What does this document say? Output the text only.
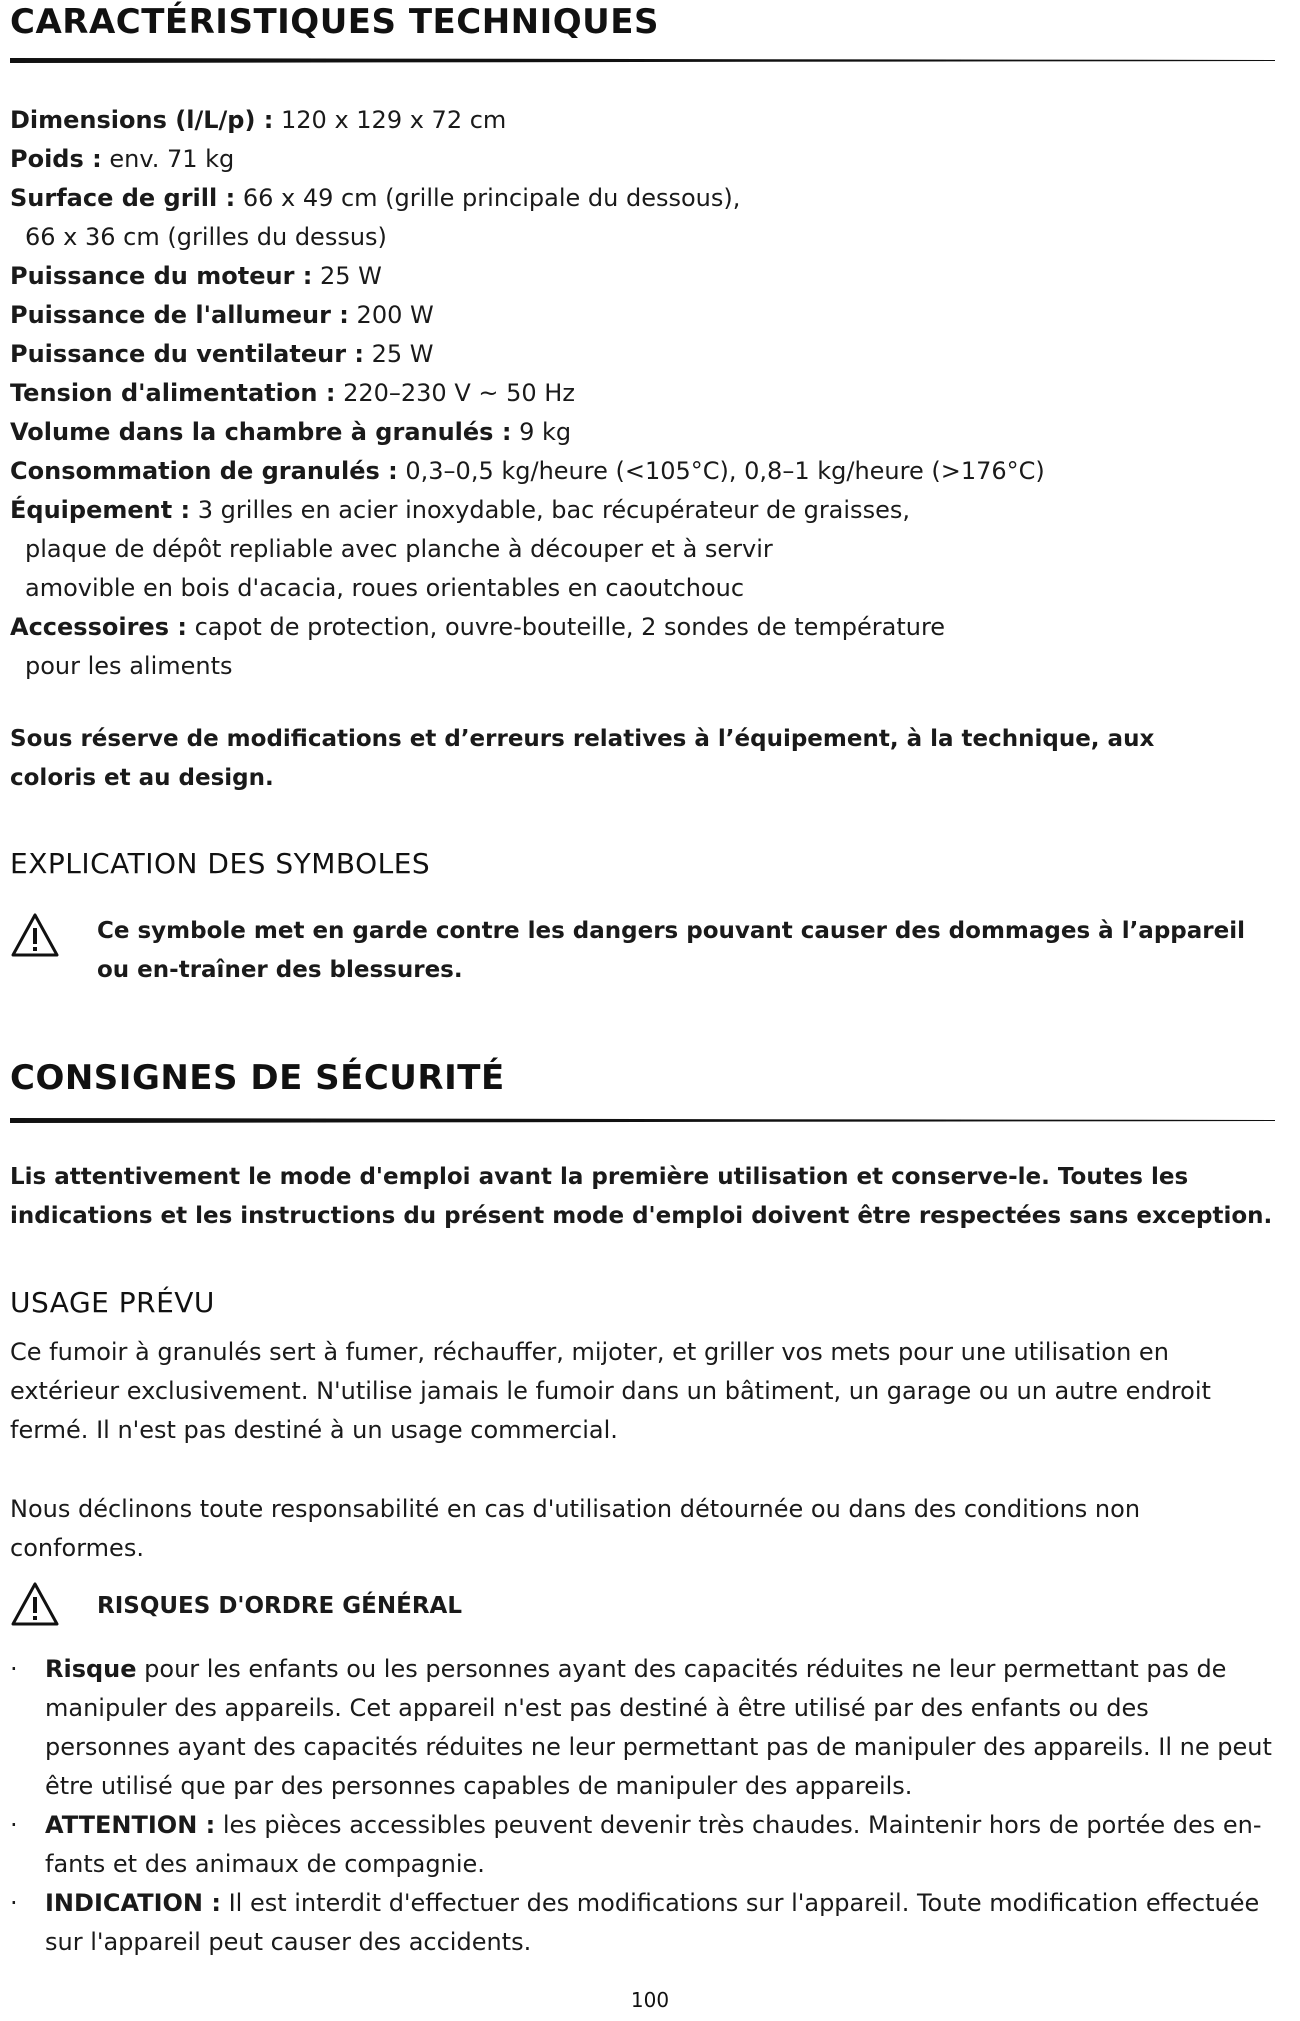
CARACTÉRISTIQUES TECHNIQUES
Dimensions (l/L/p) : 120 x 129 x 72 cm
Poids : env. 71 kg
Surface de grill : 66 x 49 cm (grille principale du dessous),
66 x 36 cm (grilles du dessus)
Puissance du moteur : 25 W
Puissance de l'allumeur : 200 W
Puissance du ventilateur : 25 W
Tension d'alimentation : 220–230 V ~ 50 Hz
Volume dans la chambre à granulés : 9 kg
Consommation de granulés : 0,3–0,5 kg/heure (<105°C), 0,8–1 kg/heure (>176°C)
Équipement : 3 grilles en acier inoxydable, bac récupérateur de graisses,
plaque de dépôt repliable avec planche à découper et à servir
amovible en bois d'acacia, roues orientables en caoutchouc
Accessoires : capot de protection, ouvre-bouteille, 2 sondes de température
pour les aliments
Sous réserve de modifications et d’erreurs relatives à l’équipement, à la technique, aux coloris et au design.
EXPLICATION DES SYMBOLES
Ce symbole met en garde contre les dangers pouvant causer des dommages à l’appareil ou en-traîner des blessures.
CONSIGNES DE SÉCURITÉ
Lis attentivement le mode d'emploi avant la première utilisation et conserve-le. Toutes les indications et les instructions du présent mode d'emploi doivent être respectées sans exception.
USAGE PRÉVU
Ce fumoir à granulés sert à fumer, réchauffer, mijoter, et griller vos mets pour une utilisation en extérieur exclusivement. N'utilise jamais le fumoir dans un bâtiment, un garage ou un autre endroit fermé. Il n'est pas destiné à un usage commercial.
Nous déclinons toute responsabilité en cas d'utilisation détournée ou dans des conditions non conformes.
RISQUES D'ORDRE GÉNÉRAL
· Risque pour les enfants ou les personnes ayant des capacités réduites ne leur permettant pas de manipuler des appareils. Cet appareil n'est pas destiné à être utilisé par des enfants ou des personnes ayant des capacités réduites ne leur permettant pas de manipuler des appareils. Il ne peut être utilisé que par des personnes capables de manipuler des appareils.
· ATTENTION : les pièces accessibles peuvent devenir très chaudes. Maintenir hors de portée des en-fants et des animaux de compagnie.
· INDICATION : Il est interdit d'effectuer des modifications sur l'appareil. Toute modification effectuée sur l'appareil peut causer des accidents.
100
